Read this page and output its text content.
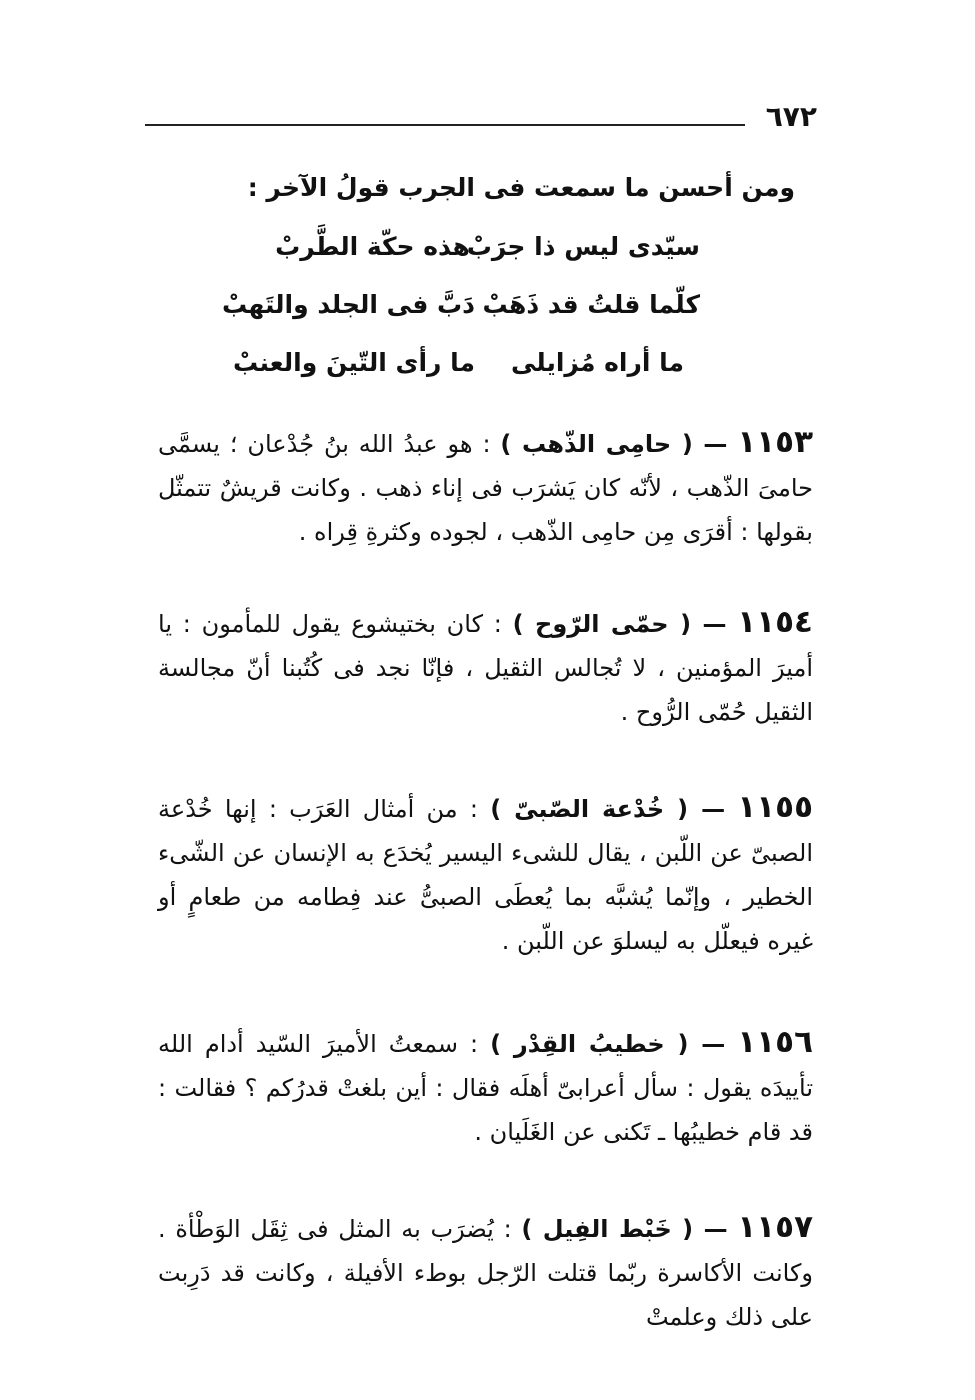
٦٧٢
ومن أحسن ما سمعت فى الجرب قولُ الآخر :
سيّدى ليس ذا جرَبْ
هذه حكّة الطَّربْ
كلّما قلتُ قد ذَهَبْ
دَبَّ فى الجلد والتَهبْ
ما أراه مُزايلى
ما رأى التّينَ والعنبْ
١١٥٣ — ( حامِى الذّهب ) : هو عبدُ الله بنُ جُدْعان ؛ يسمَّى حامىَ الذّهب ، لأنّه كان يَشرَب فى إناء ذهب . وكانت قريشٌ تتمثّل بقولها : أقرَى مِن حامِى الذّهب ، لجوده وكثرةِ قِراه .
١١٥٤ — ( حمّى الرّوح ) : كان بختيشوع يقول للمأمون : يا أميرَ المؤمنين ، لا تُجالس الثقيل ، فإنّا نجد فى كُتُبنا أنّ مجالسة الثقيل حُمّى الرُّوح .
١١٥٥ — ( خُدْعة الصّبىّ ) : من أمثال العَرَب : إنها خُدْعة الصبىّ عن اللّبن ، يقال للشىء اليسير يُخدَع به الإنسان عن الشّىء الخطير ، وإنّما يُشبَّه بما يُعطَى الصبىُّ عند فِطامه من طعامٍ أو غيره فيعلّل به ليسلوَ عن اللّبن .
١١٥٦ — ( خطيبُ القِدْر ) : سمعتُ الأميرَ السّيد أدام الله تأييدَه يقول : سأل أعرابىّ أهلَه فقال : أين بلغتْ قدرُكم ؟ فقالت : قد قام خطيبُها ـ تَكنى عن الغَلَيان .
١١٥٧ — ( خَبْط الفِيل ) : يُضرَب به المثل فى ثِقَل الوَطْأة . وكانت الأكاسرة ربّما قتلت الرّجل بوطء الأفيلة ، وكانت قد دَرِبت على ذلك وعلمتْ
